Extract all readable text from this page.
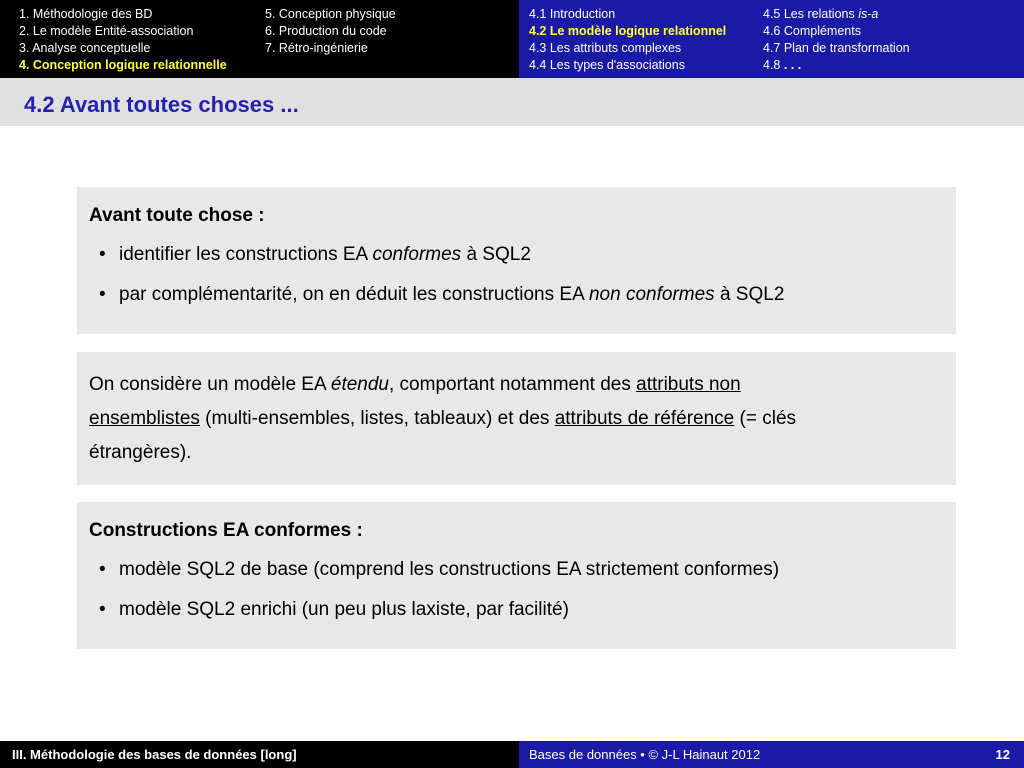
1. Méthodologie des BD
2. Le modèle Entité-association
3. Analyse conceptuelle
4. Conception logique relationnelle
5. Conception physique
6. Production du code
7. Rétro-ingénierie
4.1 Introduction
4.2 Le modèle logique relationnel
4.3 Les attributs complexes
4.4 Les types d'associations
4.5 Les relations is-a
4.6 Compléments
4.7 Plan de transformation
4.8 . . .
4.2 Avant toutes choses ...
Avant toute chose :
• identifier les constructions EA conformes à SQL2
• par complémentarité, on en déduit les constructions EA non conformes à SQL2
On considère un modèle EA étendu, comportant notamment des attributs non
ensemblistes (multi-ensembles, listes, tableaux) et des attributs de référence (= clés
étrangères).
Constructions EA conformes :
• modèle SQL2 de base (comprend les constructions EA strictement conformes)
• modèle SQL2 enrichi (un peu plus laxiste, par facilité)
III. Méthodologie des bases de données [long]	Bases de données • © J-L Hainaut 2012	12
